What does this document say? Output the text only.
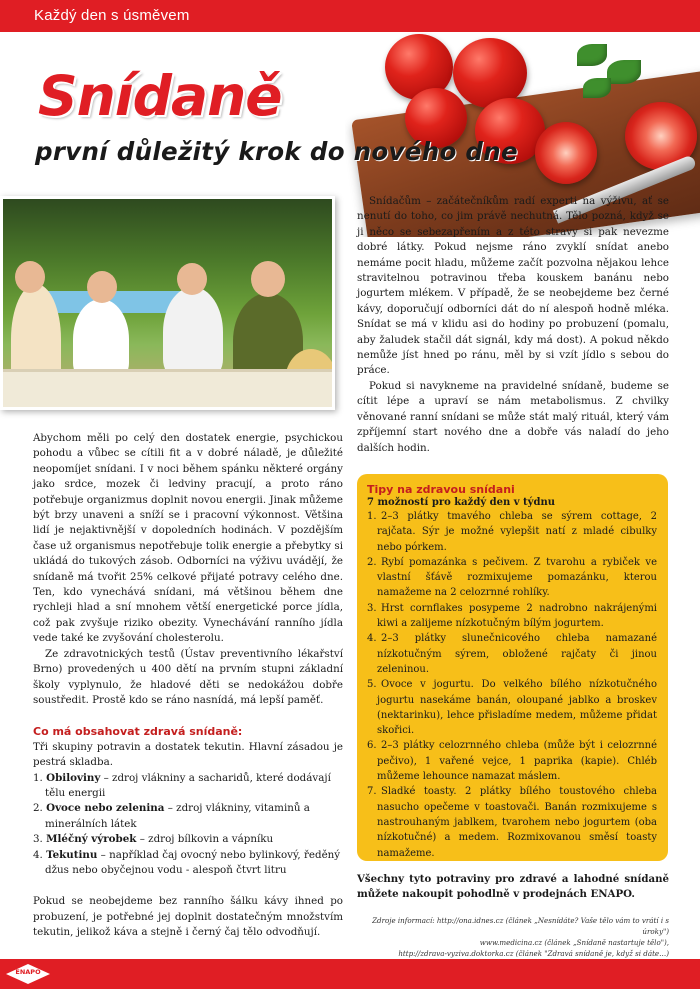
Každý den s úsměvem
Snídaně
první důležitý krok do nového dne

Snídačům – začátečníkům radí experti na výživu, ať se nenutí do toho, co jim právě nechutná. Tělo pozná, když se ji něco se sebezapřením a z této stravy si pak nevezme dobré látky. Pokud nejsme ráno zvyklí snídat anebo nemáme pocit hladu, můžeme začít pozvolna nějakou lehce stravitelnou potravinou třeba kouskem banánu nebo jogurtem mlékem. V případě, že se neobejdeme bez černé kávy, doporučují odborníci dát do ní alespoň hodně mléka. Snídat se má v klidu asi do hodiny po probuzení (pomalu, aby žaludek stačil dát signál, kdy má dost). A pokud někdo nemůže jíst hned po ránu, měl by si vzít jídlo s sebou do práce.

Pokud si navykneme na pravidelné snídaně, budeme se cítit lépe a upraví se nám metabolismus. Z chvilky věnované ranní snídani se může stát malý rituál, který vám zpříjemní start nového dne a dobře vás naladí do jeho dalších hodin.

Abychom měli po celý den dostatek energie, psychickou pohodu a vůbec se cítili fit a v dobré náladě, je důležité neopomíjet snídani. I v noci během spánku některé orgány jako srdce, mozek či ledviny pracují, a proto ráno potřebuje organizmus doplnit novou energii. Jinak můžeme být brzy unaveni a sníží se i pracovní výkonnost. Většina lidí je nejaktivnější v dopoledních hodinách. V pozdějším čase už organismus nepotřebuje tolik energie a přebytky si ukládá do tukových zásob. Odborníci na výživu uvádějí, že snídaně má tvořit 25% celkové přijaté potravy celého dne. Ten, kdo vynechává snídani, má většinou během dne rychleji hlad a sní mnohem větší energetické porce jídla, což pak zvyšuje riziko obezity. Vynechávání ranního jídla vede také ke zvyšování cholesterolu.

Ze zdravotnických testů (Ústav preventivního lékařství Brno) provedených u 400 dětí na prvním stupni základní školy vyplynulo, že hladové děti se nedokážou dobře soustředit. Prostě kdo se ráno nasnídá, má lepší paměť.

Co má obsahovat zdravá snídaně:

Tři skupiny potravin a dostatek tekutin. Hlavní zásadou je pestrá skladba.

1. Obiloviny – zdroj vlákniny a sacharidů, které dodávají tělu energii
2. Ovoce nebo zelenina – zdroj vlákniny, vitaminů a minerálních látek
3. Mléčný výrobek – zdroj bílkovin a vápníku
4. Tekutinu – například čaj ovocný nebo bylinkový, ředěný džus nebo obyčejnou vodu - alespoň čtvrt litru

Pokud se neobejdeme bez ranního šálku kávy ihned po probuzení, je potřebné jej doplnit dostatečným množstvím tekutin, jelikož káva a stejně i černý čaj tělo odvodňují.

Tipy na zdravou snídani
7 možností pro každý den v týdnu
1. 2–3 plátky tmavého chleba se sýrem cottage, 2 rajčata. Sýr je možné vylepšit natí z mladé cibulky nebo pórkem.
2. Rybí pomazánka s pečivem. Z tvarohu a rybiček ve vlastní šťávě rozmixujeme pomazánku, kterou namažeme na 2 celozrnné rohlíky.
3. Hrst cornflakes posypeme 2 nadrobno nakrájenými kiwi a zalijeme nízkotučným bílým jogurtem.
4. 2–3 plátky slunečnicového chleba namazané nízkotučným sýrem, obložené rajčaty či jinou zeleninou.
5. Ovoce v jogurtu. Do velkého bílého nízkotučného jogurtu nasekáme banán, oloupané jablko a broskev (nektarinku), lehce přisladíme medem, můžeme přidat skořici.
6. 2–3 plátky celozrnného chleba (může být i celozrnné pečivo), 1 vařené vejce, 1 paprika (kapie). Chléb můžeme lehounce namazat máslem.
7. Sladké toasty. 2 plátky bílého toustového chleba nasucho opečeme v toastovači. Banán rozmixujeme s nastrouhaným jablkem, tvarohem nebo jogurtem (oba nízkotučné) a medem. Rozmixovanou směsí toasty namažeme.
Všechny tyto potraviny pro zdravé a lahodné snídaně můžete nakoupit pohodlně v prodejnách ENAPO.
Zdroje informací: http://ona.idnes.cz (článek „Nesnídáte? Vaše tělo vám to vrátí i s úroky")
www.medicina.cz (článek „Snídaně nastartuje tělo"),
http://zdrava-vyziva.doktorka.cz (článek "Zdravá snídaně je, když si dáte…)
ENAPO
